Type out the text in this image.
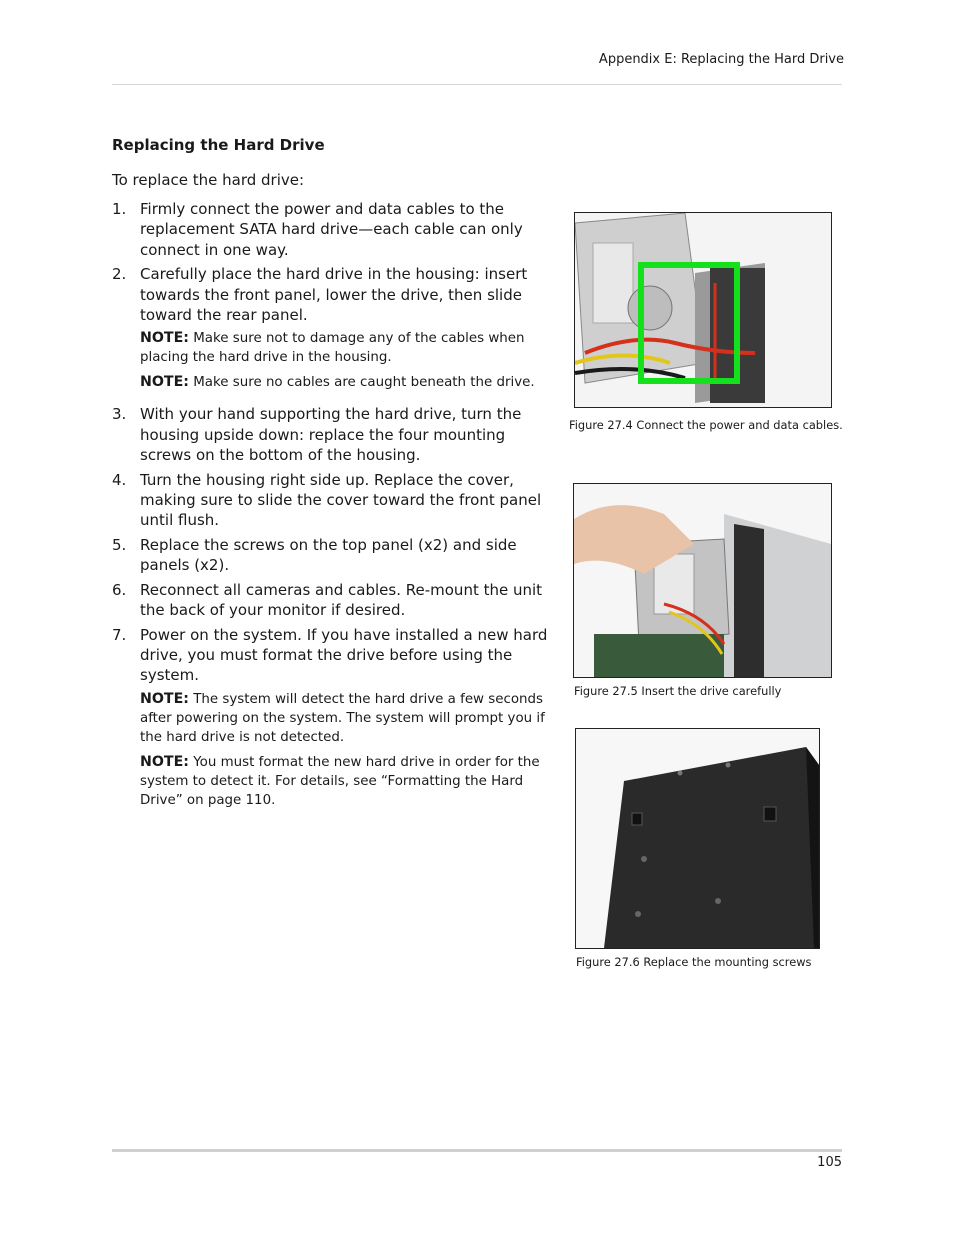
Appendix E: Replacing the Hard Drive
Replacing the Hard Drive
To replace the hard drive:
1. Firmly connect the power and data cables to the replacement SATA hard drive—each cable can only connect in one way.
2. Carefully place the hard drive in the housing: insert towards the front panel, lower the drive, then slide toward the rear panel.
NOTE: Make sure not to damage any of the cables when placing the hard drive in the housing.
NOTE: Make sure no cables are caught beneath the drive.
3. With your hand supporting the hard drive, turn the housing upside down: replace the four mounting screws on the bottom of the housing.
4. Turn the housing right side up. Replace the cover, making sure to slide the cover toward the front panel until flush.
5. Replace the screws on the top panel (x2) and side panels (x2).
6. Reconnect all cameras and cables. Re-mount the unit the back of your monitor if desired.
7. Power on the system. If you have installed a new hard drive, you must format the drive before using the system.
NOTE: The system will detect the hard drive a few seconds after powering on the system. The system will prompt you if the hard drive is not detected.
NOTE: You must format the new hard drive in order for the system to detect it. For details, see “Formatting the Hard Drive” on page 110.
Figure 27.4 Connect the power and data cables.
Figure 27.5 Insert the drive carefully
Figure 27.6 Replace the mounting screws
105
